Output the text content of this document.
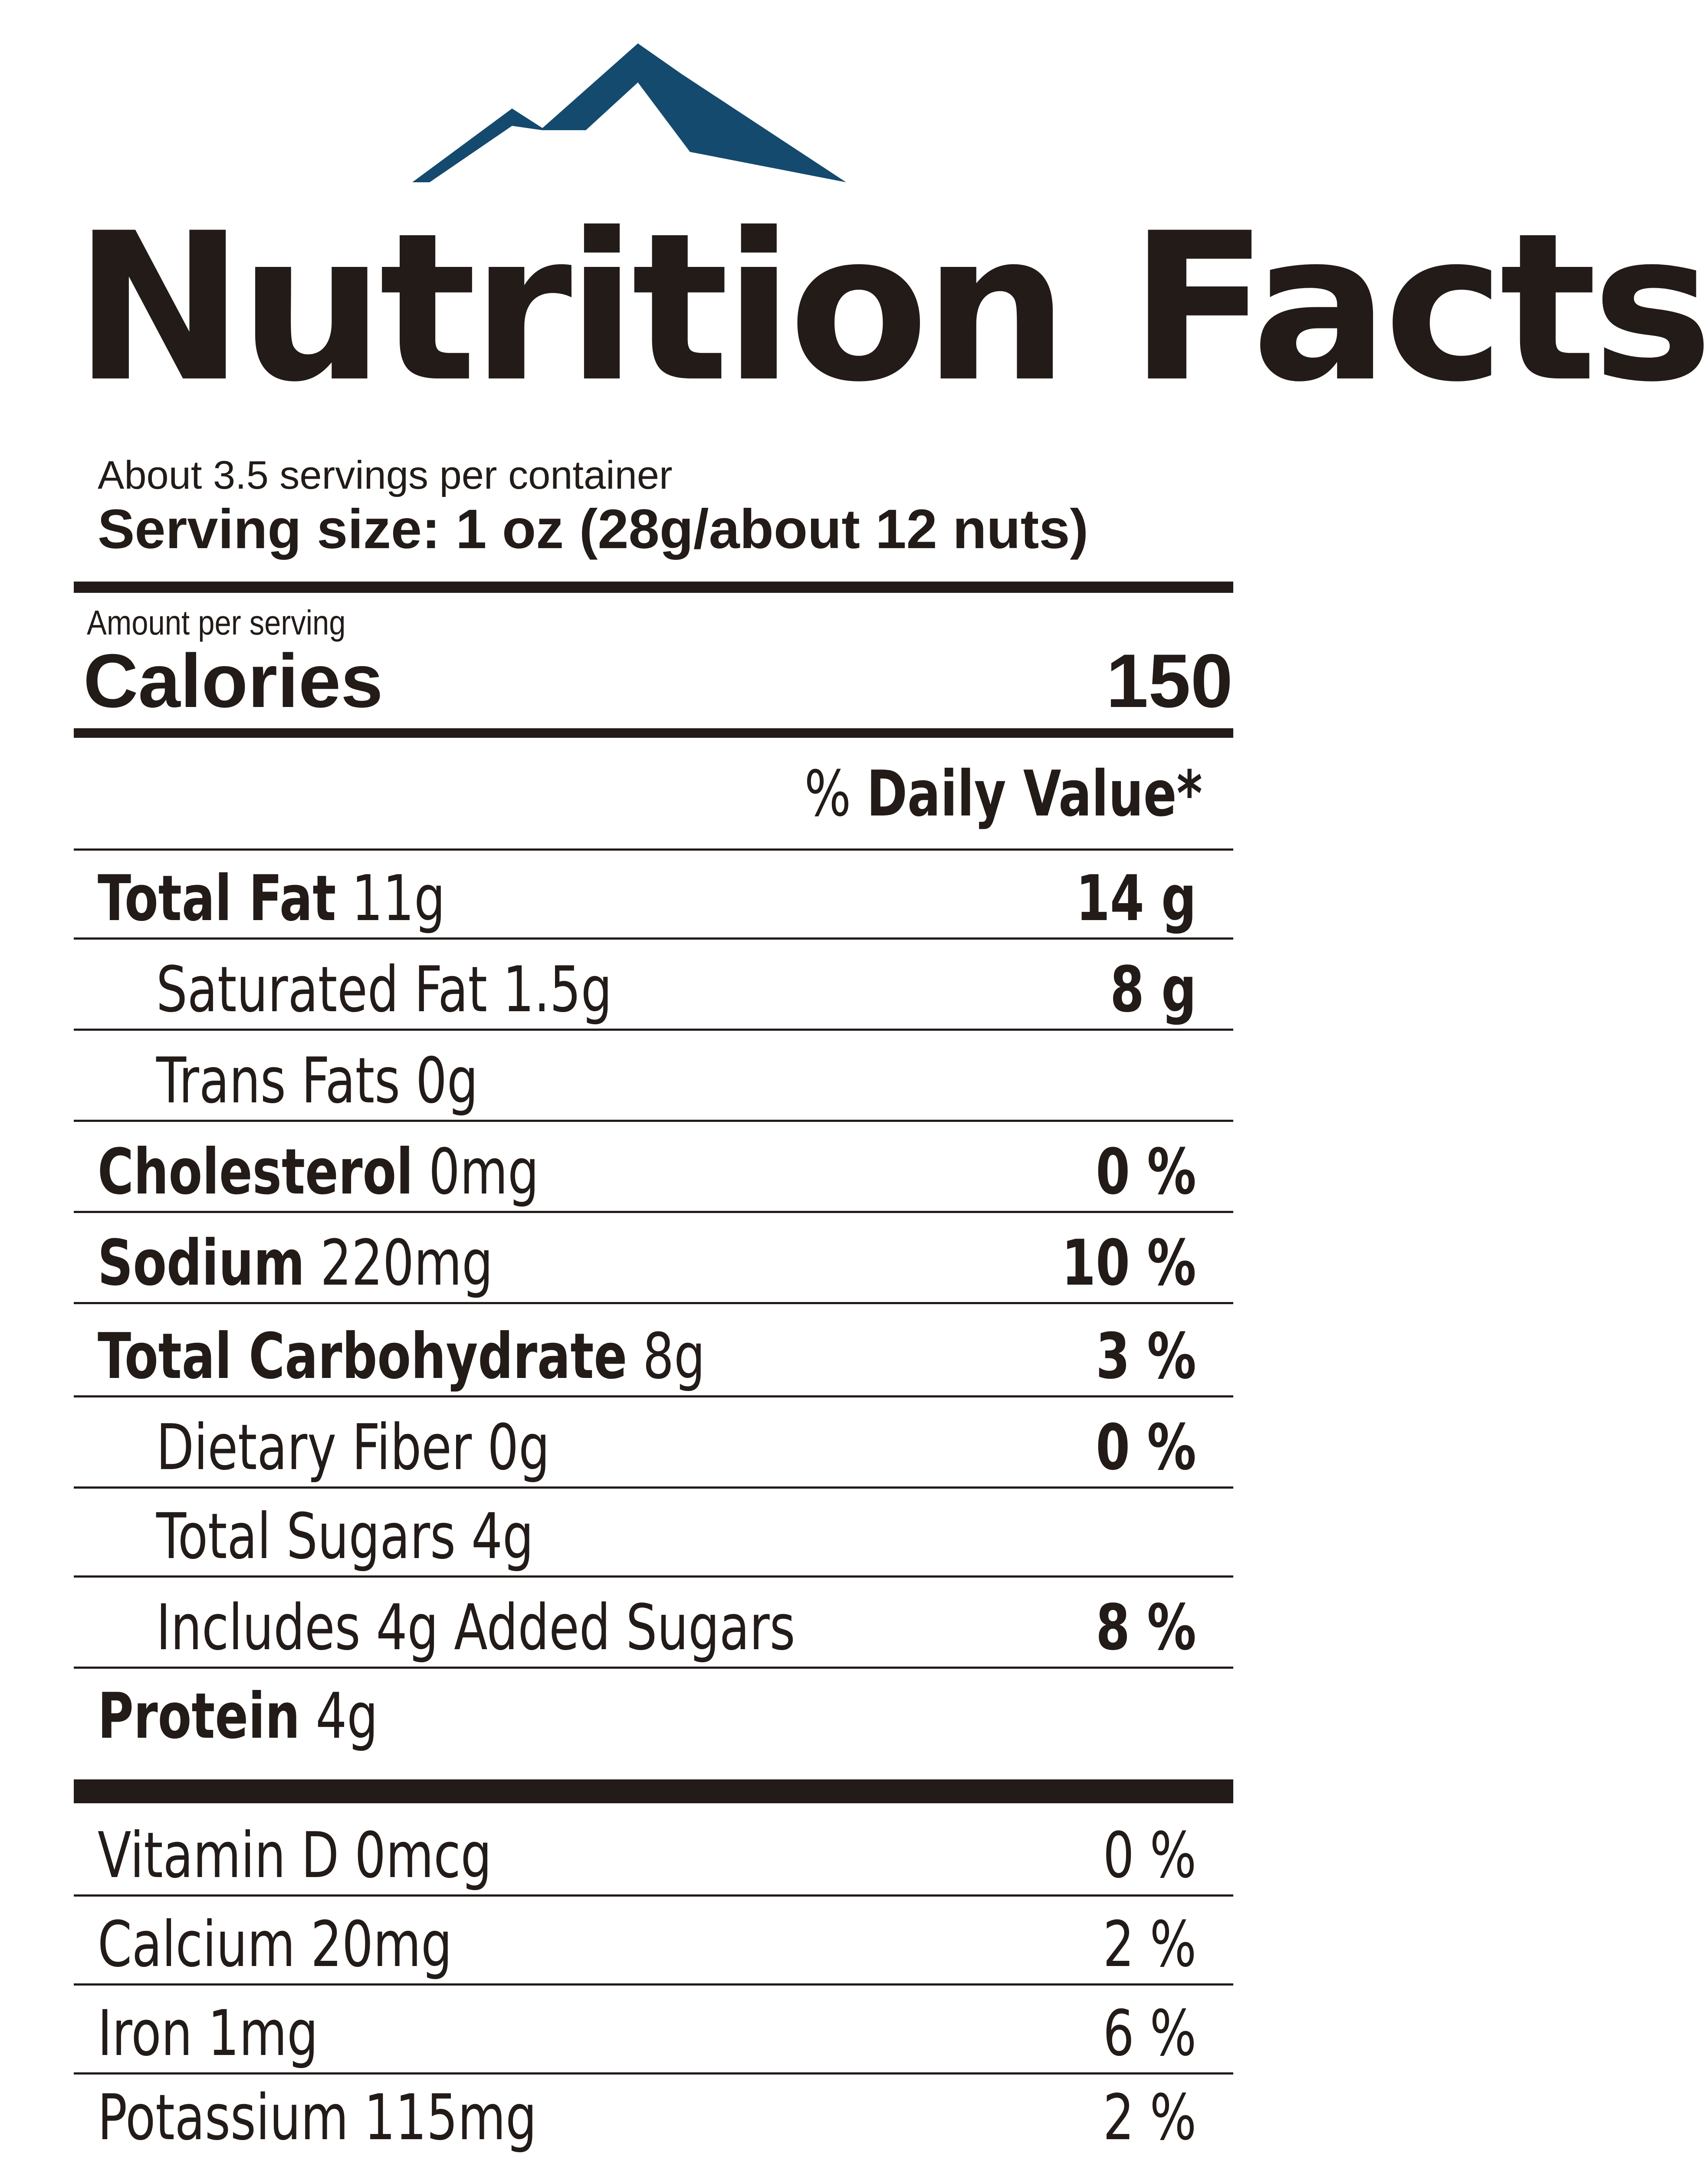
Nutrition Facts
About 3.5 servings per container
Serving size: 1 oz (28g/about 12 nuts)
Amount per serving
Calories	150
% Daily Value*
Total Fat 11g	14 g
Saturated Fat 1.5g	8 g
Trans Fats 0g
Cholesterol 0mg	0 %
Sodium 220mg	10 %
Total Carbohydrate 8g	3 %
Dietary Fiber 0g	0 %
Total Sugars 4g
Includes 4g Added Sugars	8 %
Protein 4g
Vitamin D 0mcg	0 %
Calcium 20mg	2 %
Iron 1mg	6 %
Potassium 115mg	2 %
